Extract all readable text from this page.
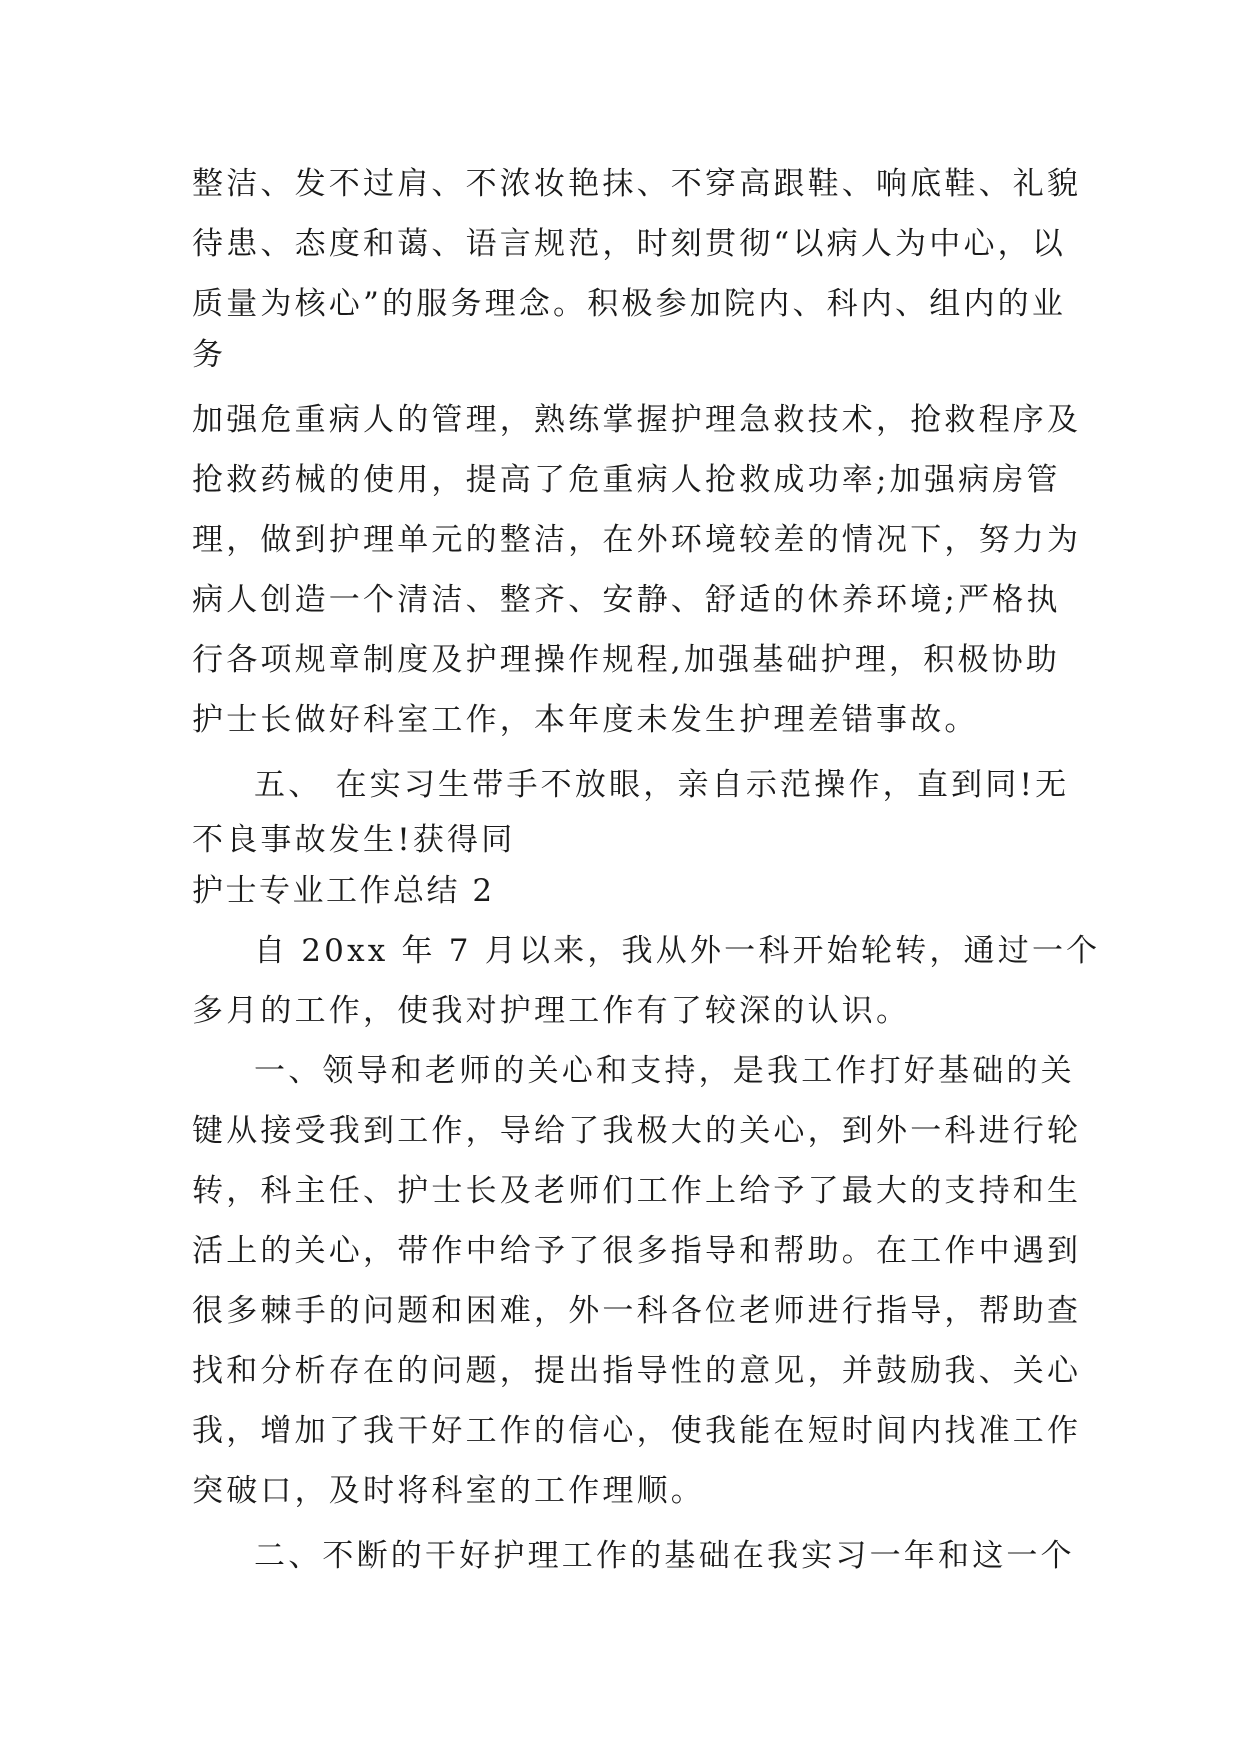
整洁、发不过肩、不浓妆艳抹、不穿高跟鞋、响底鞋、礼貌
待患、态度和蔼、语言规范，时刻贯彻“以病人为中心，以
质量为核心”的服务理念。积极参加院内、科内、组内的业
务
加强危重病人的管理，熟练掌握护理急救技术，抢救程序及
抢救药械的使用，提高了危重病人抢救成功率;加强病房管
理，做到护理单元的整洁，在外环境较差的情况下，努力为
病人创造一个清洁、整齐、安静、舒适的休养环境;严格执
行各项规章制度及护理操作规程,加强基础护理，积极协助
护士长做好科室工作，本年度未发生护理差错事故。
五、 在实习生带手不放眼，亲自示范操作，直到同!无
不良事故发生!获得同
护士专业工作总结 2
自 20xx 年 7 月以来，我从外一科开始轮转，通过一个
多月的工作，使我对护理工作有了较深的认识。
一、领导和老师的关心和支持，是我工作打好基础的关
键从接受我到工作，导给了我极大的关心，到外一科进行轮
转，科主任、护士长及老师们工作上给予了最大的支持和生
活上的关心，带作中给予了很多指导和帮助。在工作中遇到
很多棘手的问题和困难，外一科各位老师进行指导，帮助查
找和分析存在的问题，提出指导性的意见，并鼓励我、关心
我，增加了我干好工作的信心，使我能在短时间内找准工作
突破口，及时将科室的工作理顺。
二、不断的干好护理工作的基础在我实习一年和这一个
